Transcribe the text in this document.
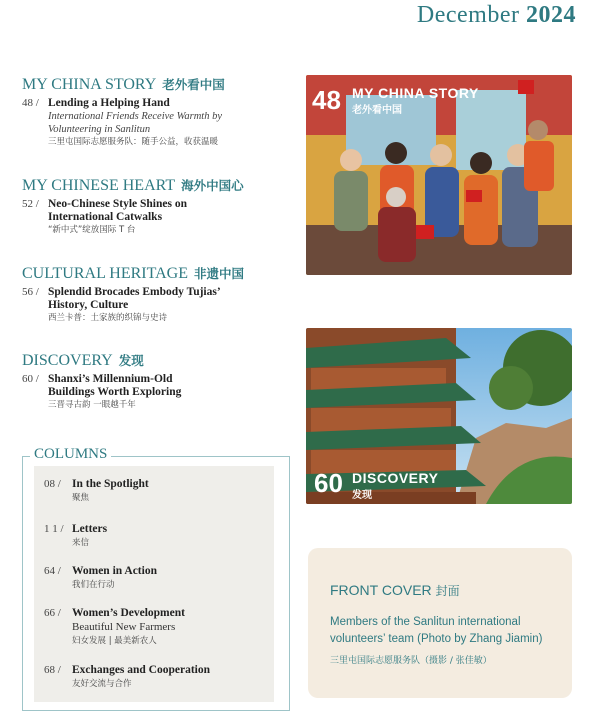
December 2024
MY CHINA STORY 老外看中国
48 / Lending a Helping Hand
International Friends Receive Warmth by
Volunteering in Sanlitun
三里屯国际志愿服务队：随手公益，收获温暖
MY CHINESE HEART 海外中国心
52 / Neo-Chinese Style Shines on
International Catwalks
“新中式”绽放国际 T 台
CULTURAL HERITAGE 非遗中国
56 / Splendid Brocades Embody Tujias’
History, Culture
西兰卡普：土家族的织锦与史诗
DISCOVERY 发现
60 / Shanxi’s Millennium-Old
Buildings Worth Exploring
三晋寻古韵 一眼越千年
48 MY CHINA STORY
老外看中国
60 DISCOVERY
发现
COLUMNS
08 / In the Spotlight
聚焦
1 1 / Letters
来信
64 / Women in Action
我们在行动
66 / Women’s Development
Beautiful New Farmers
妇女发展 | 最美新农人
68 / Exchanges and Cooperation
友好交流与合作
FRONT COVER 封面
Members of the Sanlitun international volunteers’ team (Photo by Zhang Jiamin)
三里屯国际志愿服务队（摄影 / 张佳敏）
